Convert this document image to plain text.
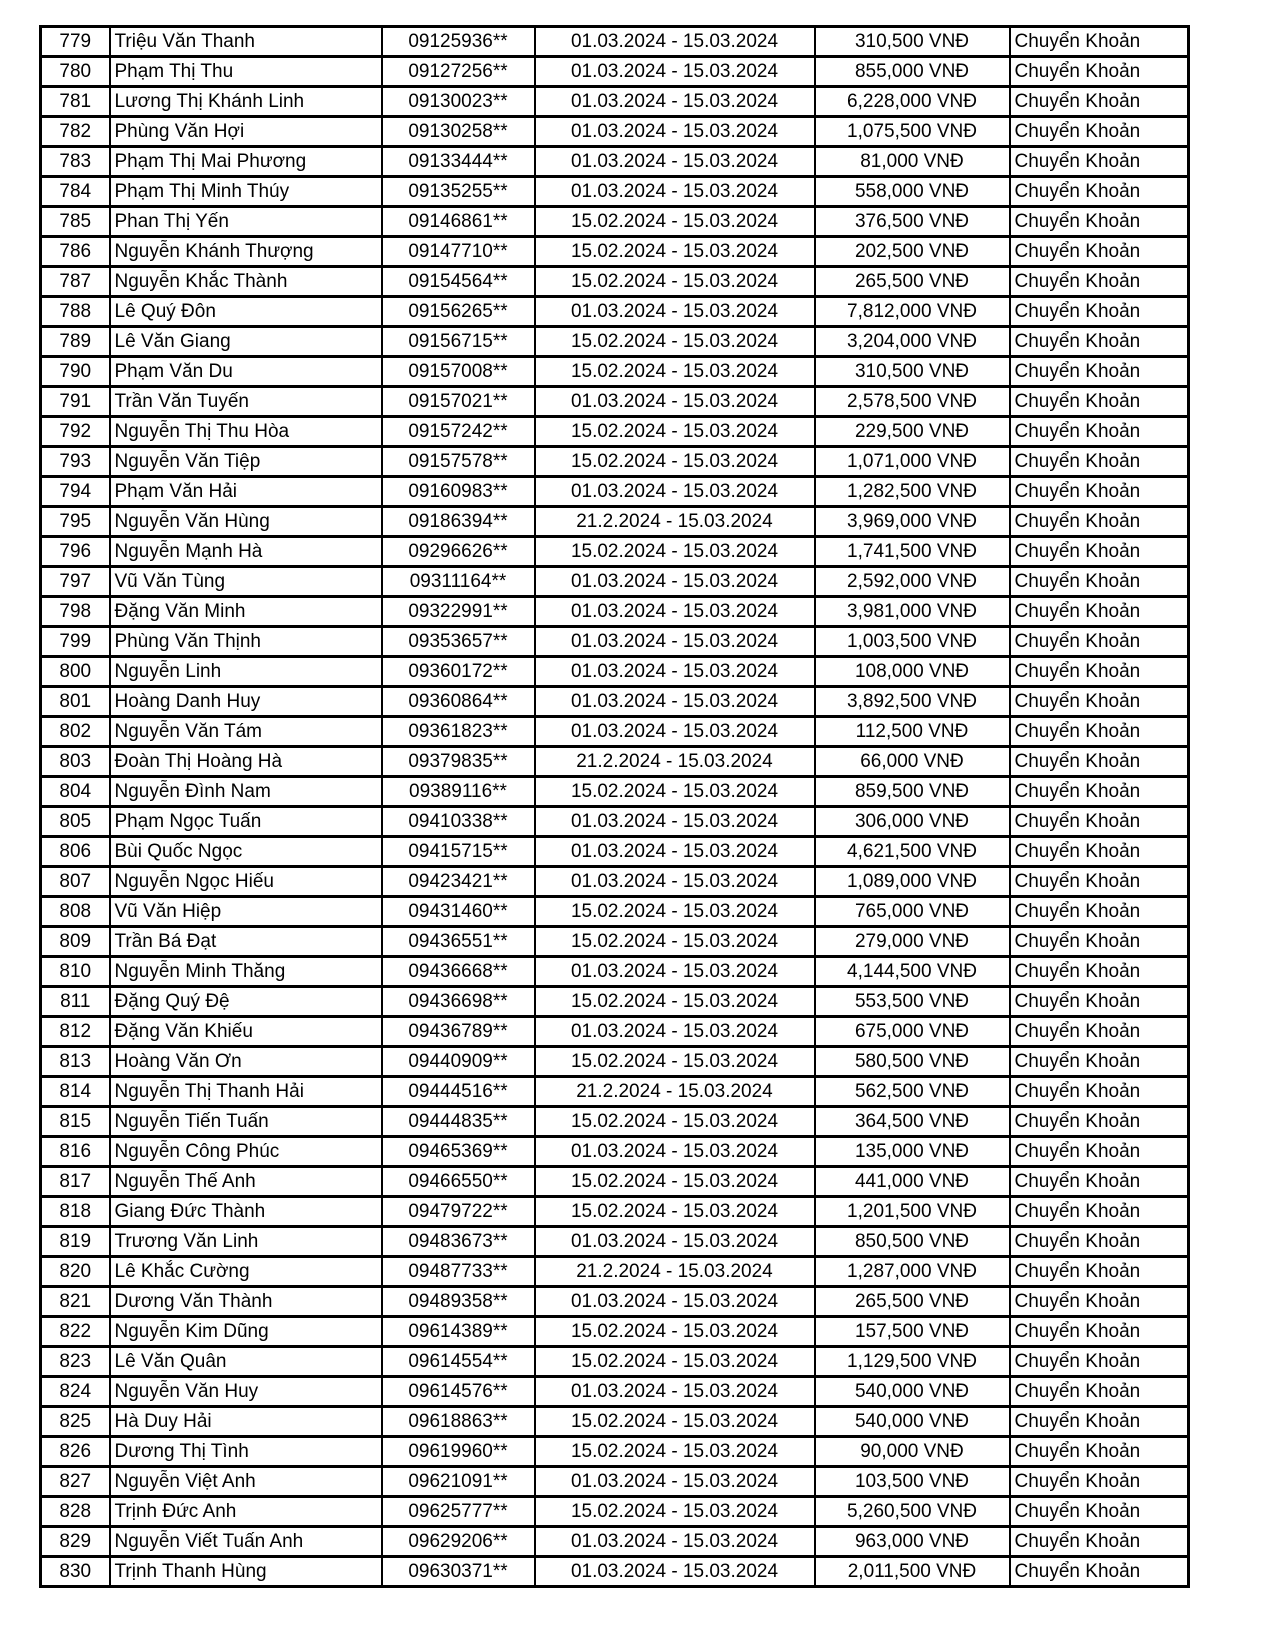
779	Triệu Văn Thanh	09125936**	01.03.2024 - 15.03.2024	310,500 VNĐ	Chuyển Khoản
780	Phạm Thị Thu	09127256**	01.03.2024 - 15.03.2024	855,000 VNĐ	Chuyển Khoản
781	Lương Thị Khánh Linh	09130023**	01.03.2024 - 15.03.2024	6,228,000 VNĐ	Chuyển Khoản
782	Phùng Văn Hợi	09130258**	01.03.2024 - 15.03.2024	1,075,500 VNĐ	Chuyển Khoản
783	Phạm Thị Mai Phương	09133444**	01.03.2024 - 15.03.2024	81,000 VNĐ	Chuyển Khoản
784	Phạm Thị Minh Thúy	09135255**	01.03.2024 - 15.03.2024	558,000 VNĐ	Chuyển Khoản
785	Phan Thị Yến	09146861**	15.02.2024 - 15.03.2024	376,500 VNĐ	Chuyển Khoản
786	Nguyễn Khánh Thượng	09147710**	15.02.2024 - 15.03.2024	202,500 VNĐ	Chuyển Khoản
787	Nguyễn Khắc Thành	09154564**	15.02.2024 - 15.03.2024	265,500 VNĐ	Chuyển Khoản
788	Lê Quý Đôn	09156265**	01.03.2024 - 15.03.2024	7,812,000 VNĐ	Chuyển Khoản
789	Lê Văn Giang	09156715**	15.02.2024 - 15.03.2024	3,204,000 VNĐ	Chuyển Khoản
790	Phạm Văn Du	09157008**	15.02.2024 - 15.03.2024	310,500 VNĐ	Chuyển Khoản
791	Trần Văn Tuyến	09157021**	01.03.2024 - 15.03.2024	2,578,500 VNĐ	Chuyển Khoản
792	Nguyễn Thị Thu Hòa	09157242**	15.02.2024 - 15.03.2024	229,500 VNĐ	Chuyển Khoản
793	Nguyễn Văn Tiệp	09157578**	15.02.2024 - 15.03.2024	1,071,000 VNĐ	Chuyển Khoản
794	Phạm Văn Hải	09160983**	01.03.2024 - 15.03.2024	1,282,500 VNĐ	Chuyển Khoản
795	Nguyễn Văn Hùng	09186394**	21.2.2024 - 15.03.2024	3,969,000 VNĐ	Chuyển Khoản
796	Nguyễn Mạnh Hà	09296626**	15.02.2024 - 15.03.2024	1,741,500 VNĐ	Chuyển Khoản
797	Vũ Văn Tùng	09311164**	01.03.2024 - 15.03.2024	2,592,000 VNĐ	Chuyển Khoản
798	Đặng Văn Minh	09322991**	01.03.2024 - 15.03.2024	3,981,000 VNĐ	Chuyển Khoản
799	Phùng Văn Thịnh	09353657**	01.03.2024 - 15.03.2024	1,003,500 VNĐ	Chuyển Khoản
800	Nguyễn Linh	09360172**	01.03.2024 - 15.03.2024	108,000 VNĐ	Chuyển Khoản
801	Hoàng Danh Huy	09360864**	01.03.2024 - 15.03.2024	3,892,500 VNĐ	Chuyển Khoản
802	Nguyễn Văn Tám	09361823**	01.03.2024 - 15.03.2024	112,500 VNĐ	Chuyển Khoản
803	Đoàn Thị Hoàng Hà	09379835**	21.2.2024 - 15.03.2024	66,000 VNĐ	Chuyển Khoản
804	Nguyễn Đình Nam	09389116**	15.02.2024 - 15.03.2024	859,500 VNĐ	Chuyển Khoản
805	Phạm Ngọc Tuấn	09410338**	01.03.2024 - 15.03.2024	306,000 VNĐ	Chuyển Khoản
806	Bùi Quốc Ngọc	09415715**	01.03.2024 - 15.03.2024	4,621,500 VNĐ	Chuyển Khoản
807	Nguyễn Ngọc Hiếu	09423421**	01.03.2024 - 15.03.2024	1,089,000 VNĐ	Chuyển Khoản
808	Vũ Văn Hiệp	09431460**	15.02.2024 - 15.03.2024	765,000 VNĐ	Chuyển Khoản
809	Trần Bá Đạt	09436551**	15.02.2024 - 15.03.2024	279,000 VNĐ	Chuyển Khoản
810	Nguyễn Minh Thăng	09436668**	01.03.2024 - 15.03.2024	4,144,500 VNĐ	Chuyển Khoản
811	Đặng Quý Đệ	09436698**	15.02.2024 - 15.03.2024	553,500 VNĐ	Chuyển Khoản
812	Đặng Văn Khiếu	09436789**	01.03.2024 - 15.03.2024	675,000 VNĐ	Chuyển Khoản
813	Hoàng Văn Ơn	09440909**	15.02.2024 - 15.03.2024	580,500 VNĐ	Chuyển Khoản
814	Nguyễn Thị Thanh Hải	09444516**	21.2.2024 - 15.03.2024	562,500 VNĐ	Chuyển Khoản
815	Nguyễn Tiến Tuấn	09444835**	15.02.2024 - 15.03.2024	364,500 VNĐ	Chuyển Khoản
816	Nguyễn Công Phúc	09465369**	01.03.2024 - 15.03.2024	135,000 VNĐ	Chuyển Khoản
817	Nguyễn Thế Anh	09466550**	15.02.2024 - 15.03.2024	441,000 VNĐ	Chuyển Khoản
818	Giang Đức Thành	09479722**	15.02.2024 - 15.03.2024	1,201,500 VNĐ	Chuyển Khoản
819	Trương Văn Linh	09483673**	01.03.2024 - 15.03.2024	850,500 VNĐ	Chuyển Khoản
820	Lê Khắc Cường	09487733**	21.2.2024 - 15.03.2024	1,287,000 VNĐ	Chuyển Khoản
821	Dương Văn Thành	09489358**	01.03.2024 - 15.03.2024	265,500 VNĐ	Chuyển Khoản
822	Nguyễn Kim Dũng	09614389**	15.02.2024 - 15.03.2024	157,500 VNĐ	Chuyển Khoản
823	Lê Văn Quân	09614554**	15.02.2024 - 15.03.2024	1,129,500 VNĐ	Chuyển Khoản
824	Nguyễn Văn Huy	09614576**	01.03.2024 - 15.03.2024	540,000 VNĐ	Chuyển Khoản
825	Hà Duy Hải	09618863**	15.02.2024 - 15.03.2024	540,000 VNĐ	Chuyển Khoản
826	Dương Thị Tình	09619960**	15.02.2024 - 15.03.2024	90,000 VNĐ	Chuyển Khoản
827	Nguyễn Việt Anh	09621091**	01.03.2024 - 15.03.2024	103,500 VNĐ	Chuyển Khoản
828	Trịnh Đức Anh	09625777**	15.02.2024 - 15.03.2024	5,260,500 VNĐ	Chuyển Khoản
829	Nguyễn Viết Tuấn Anh	09629206**	01.03.2024 - 15.03.2024	963,000 VNĐ	Chuyển Khoản
830	Trịnh Thanh Hùng	09630371**	01.03.2024 - 15.03.2024	2,011,500 VNĐ	Chuyển Khoản
